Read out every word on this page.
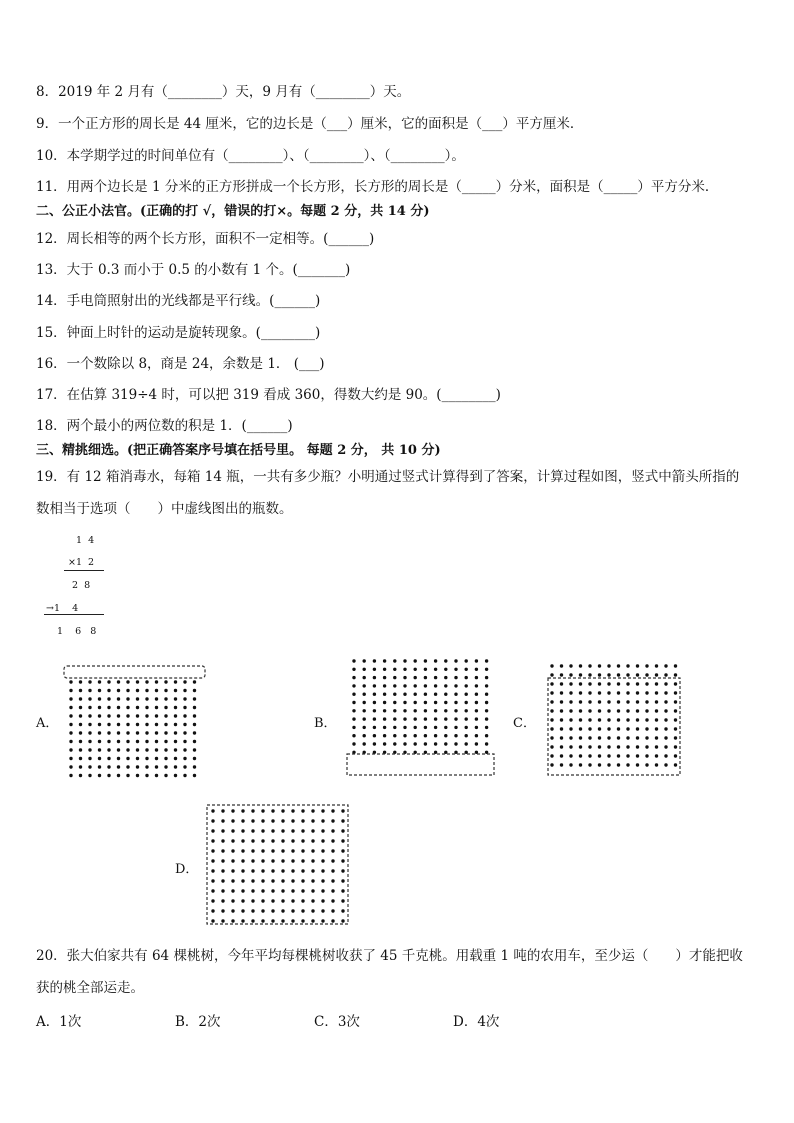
8．2019 年 2 月有（________）天，9 月有（________）天。
9．一个正方形的周长是 44 厘米，它的边长是（___）厘米，它的面积是（___）平方厘米．
10．本学期学过的时间单位有（________）、（________）、（________）。
11．用两个边长是 1 分米的正方形拼成一个长方形，长方形的周长是（_____）分米，面积是（_____）平方分米．
二、公正小法官。(正确的打 √，错误的打×。每题 2 分，共 14 分)
12．周长相等的两个长方形，面积不一定相等。(______)
13．大于 0.3 而小于 0.5 的小数有 1 个。(_______)
14．手电筒照射出的光线都是平行线。(______)
15．钟面上时针的运动是旋转现象。(________)
16．一个数除以 8，商是 24，余数是 1． (___)
17．在估算 319÷4 时，可以把 319 看成 360，得数大约是 90。(________)
18．两个最小的两位数的积是 1．(______)
三、精挑细选。(把正确答案序号填在括号里。 每题 2 分， 共 10 分)
19．有 12 箱消毒水，每箱 14 瓶，一共有多少瓶？小明通过竖式计算得到了答案，计算过程如图，竖式中箭头所指的
数相当于选项（　　）中虚线图出的瓶数。
1  4
×1  2
2  8
→1    4
1    6   8
A．	B．	C．
D．
20．张大伯家共有 64 棵桃树，今年平均每棵桃树收获了 45 千克桃。用载重 1 吨的农用车，至少运（　　）才能把收
获的桃全部运走。
A．1次	B．2次	C．3次	D．4次
